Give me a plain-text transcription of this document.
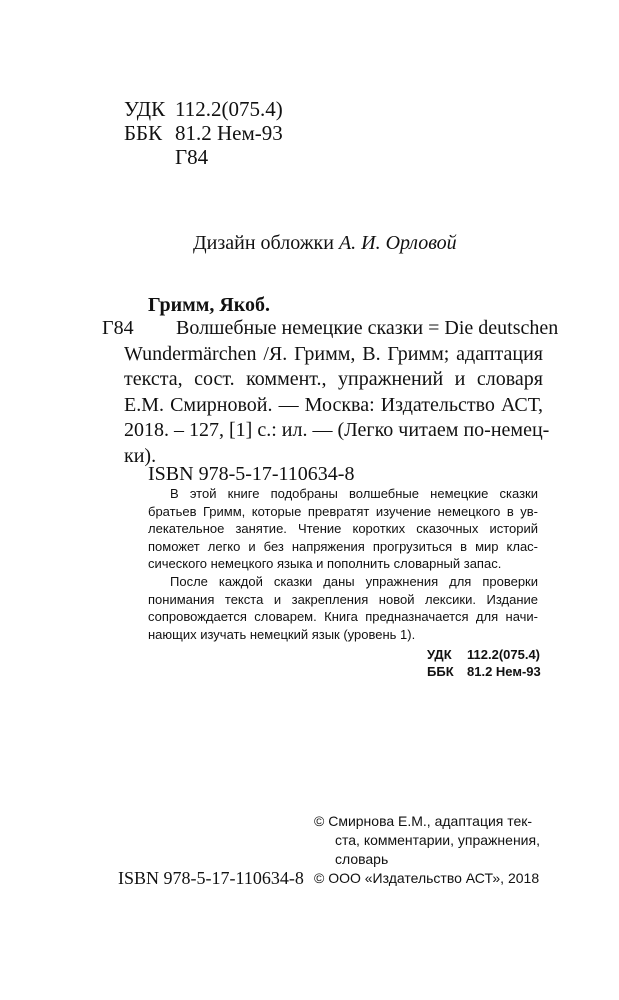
УДК 112.2(075.4)
ББК 81.2 Нем-93
Г84
Дизайн обложки А. И. Орловой
Гримм, Якоб.
Г84	Волшебные немецкие сказки = Die deutschen
Wundermärchen /Я. Гримм, В. Гримм; адаптация
текста, сост. коммент., упражнений и словаря
Е.М. Смирновой. — Москва: Издательство АСТ,
2018. – 127, [1] с.: ил. — (Легко читаем по-немец-
ки).
ISBN 978-5-17-110634-8
В этой книге подобраны волшебные немецкие сказки
братьев Гримм, которые превратят изучение немецкого в ув-
лекательное занятие. Чтение коротких сказочных историй
поможет легко и без напряжения прогрузиться в мир клас-
сического немецкого языка и пополнить словарный запас.
После каждой сказки даны упражнения для проверки
понимания текста и закрепления новой лексики. Издание
сопровождается словарем. Книга предназначается для начи-
нающих изучать немецкий язык (уровень 1).
УДК 112.2(075.4)
ББК 81.2 Нем-93
© Смирнова Е.М., адаптация тек-
ста, комментарии, упражнения,
словарь
© ООО «Издательство АСТ», 2018
ISBN 978-5-17-110634-8
